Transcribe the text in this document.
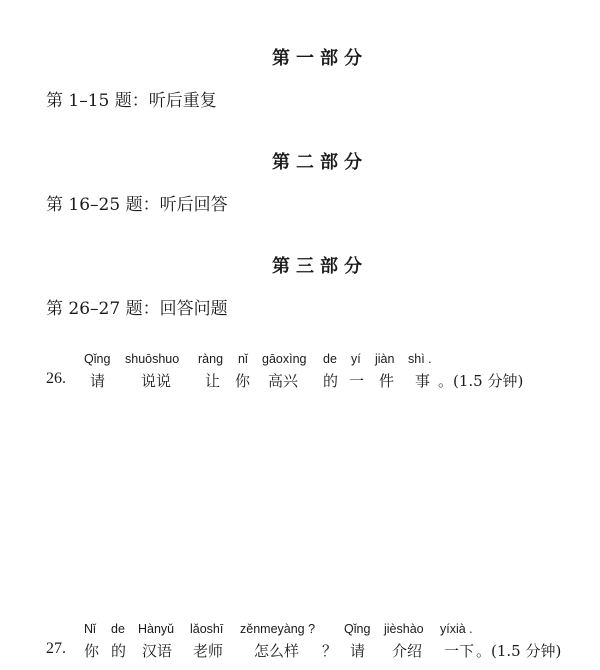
第一部分
第 1–15 题：听后重复
第二部分
第 16–25 题：听后回答
第三部分
第 26–27 题：回答问题
Qǐng shuōshuo ràng nǐ gāoxìng de yí jiàn shì .
26. 请 说说 让 你 高兴 的 一 件 事 。(1.5 分钟)
Nǐ de Hànyǔ lǎoshī zěnmeyàng ? Qǐng jièshào yíxià .
27. 你 的 汉语 老师 怎么样 ？ 请 介绍 一下 。(1.5 分钟)
